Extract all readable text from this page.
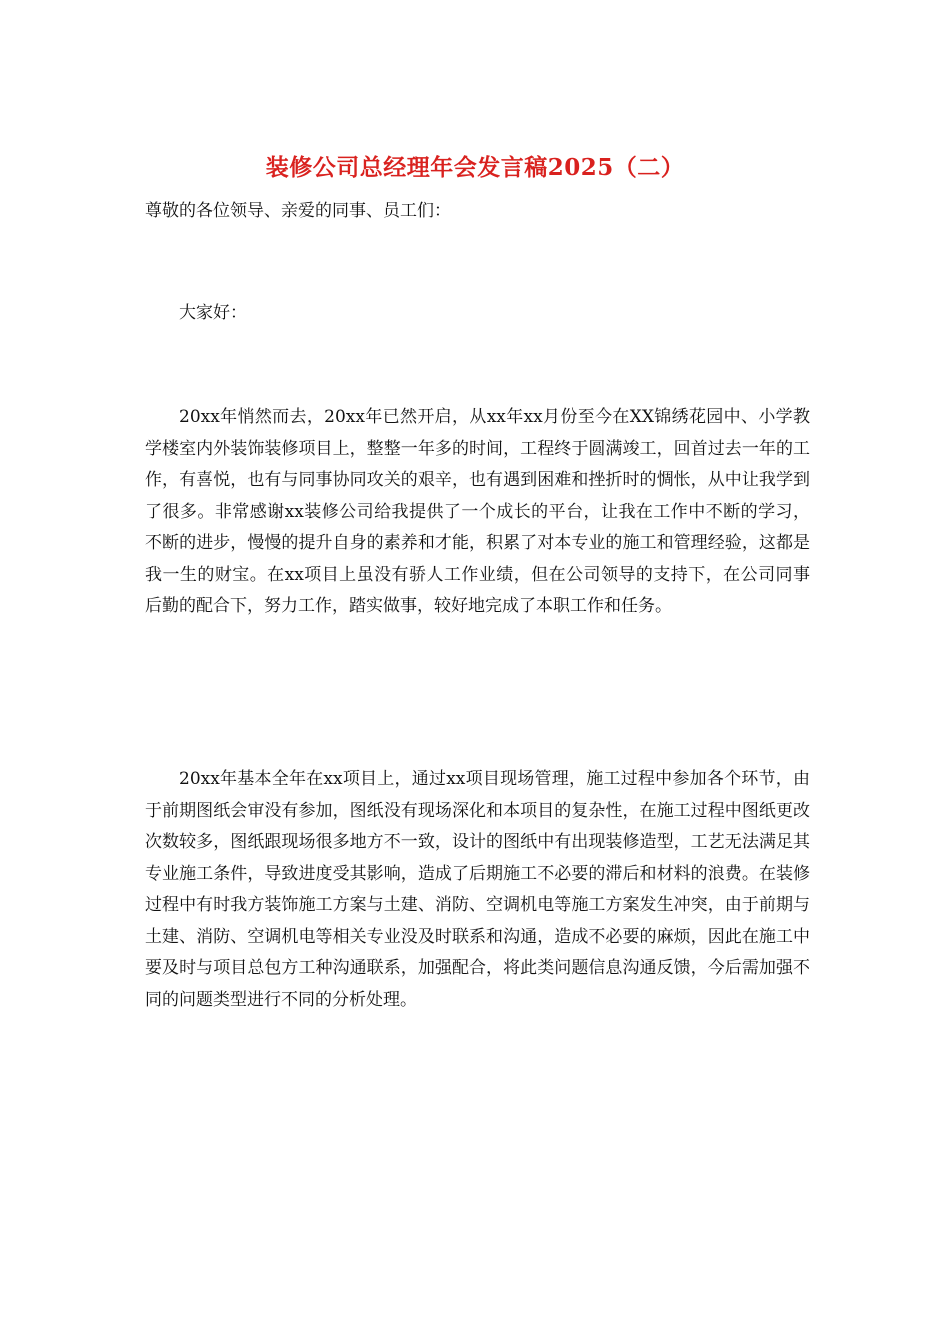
装修公司总经理年会发言稿2025（二）
尊敬的各位领导、亲爱的同事、员工们：
大家好：

20xx年悄然而去，20xx年已然开启，从xx年xx月份至今在XX锦绣花园中、小学教学楼室内外装饰装修项目上，整整一年多的时间，工程终于圆满竣工，回首过去一年的工作，有喜悦，也有与同事协同攻关的艰辛，也有遇到困难和挫折时的惆怅，从中让我学到了很多。非常感谢xx装修公司给我提供了一个成长的平台，让我在工作中不断的学习，不断的进步，慢慢的提升自身的素养和才能，积累了对本专业的施工和管理经验，这都是我一生的财宝。在xx项目上虽没有骄人工作业绩，但在公司领导的支持下，在公司同事后勤的配合下，努力工作，踏实做事，较好地完成了本职工作和任务。

20xx年基本全年在xx项目上，通过xx项目现场管理，施工过程中参加各个环节，由于前期图纸会审没有参加，图纸没有现场深化和本项目的复杂性，在施工过程中图纸更改次数较多，图纸跟现场很多地方不一致，设计的图纸中有出现装修造型，工艺无法满足其专业施工条件，导致进度受其影响，造成了后期施工不必要的滞后和材料的浪费。在装修过程中有时我方装饰施工方案与土建、消防、空调机电等施工方案发生冲突，由于前期与土建、消防、空调机电等相关专业没及时联系和沟通，造成不必要的麻烦，因此在施工中要及时与项目总包方工种沟通联系，加强配合，将此类问题信息沟通反馈，今后需加强不同的问题类型进行不同的分析处理。
